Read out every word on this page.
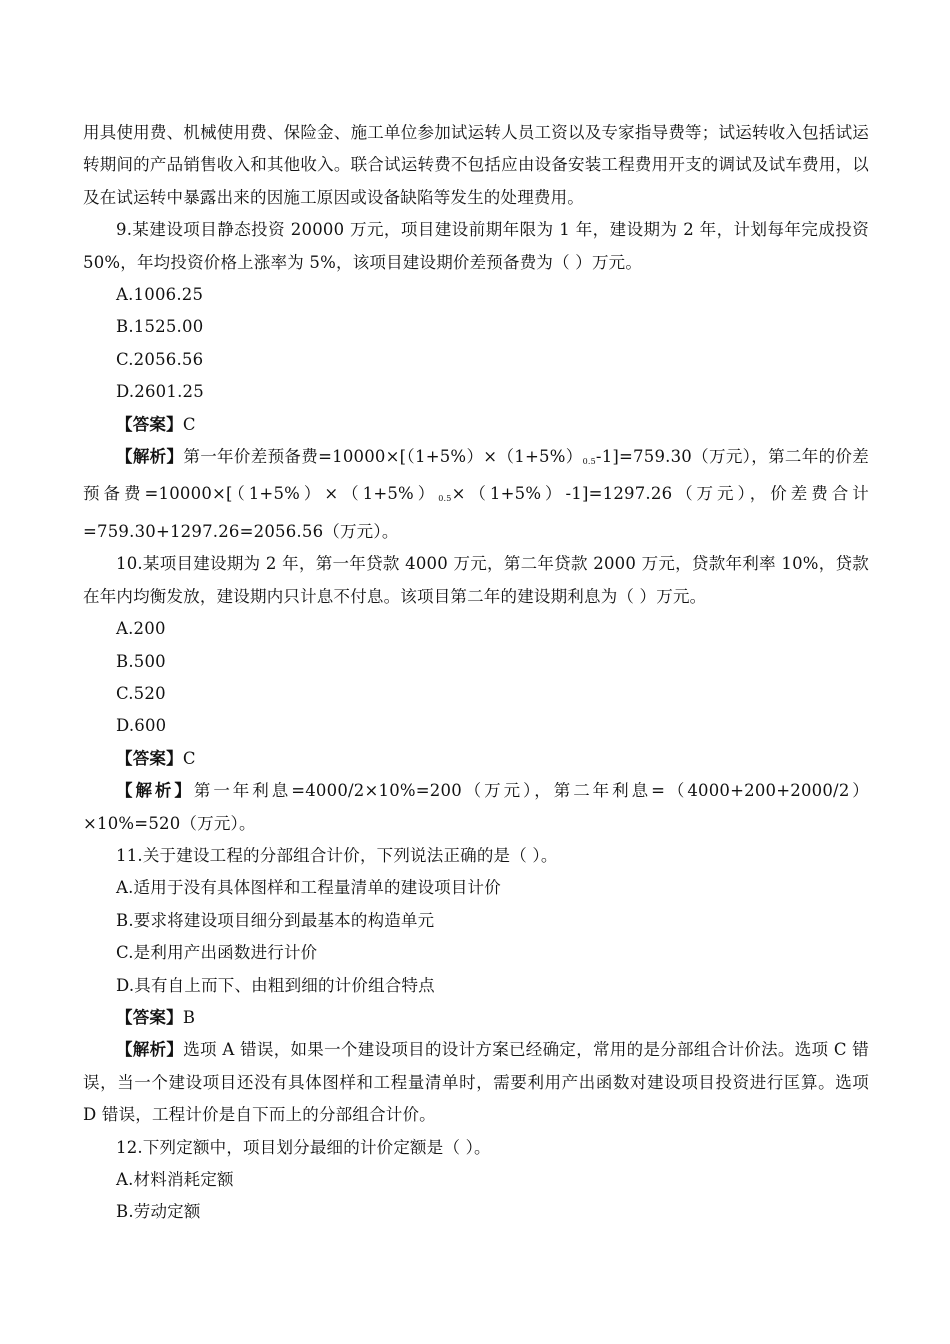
用具使用费、机械使用费、保险金、施工单位参加试运转人员工资以及专家指导费等；试运转收入包括试运转期间的产品销售收入和其他收入。联合试运转费不包括应由设备安装工程费用开支的调试及试车费用，以及在试运转中暴露出来的因施工原因或设备缺陷等发生的处理费用。

9.某建设项目静态投资 20000 万元，项目建设前期年限为 1 年，建设期为 2 年，计划每年完成投资 50%，年均投资价格上涨率为 5%，该项目建设期价差预备费为（ ）万元。

A.1006.25

B.1525.00

C.2056.56

D.2601.25

【答案】C

【解析】第一年价差预备费$=10000\times[(1+5\%)\times(1+5\%)_{0.5}-1]=759.30$（万元），第二年的价差预备费$=10000\times[(1+5\%)\times(1+5\%)_{0.5}\times(1+5\%)-1]=1297.26$（万元），价差费合计=759.30+1297.26=2056.56（万元）。

10.某项目建设期为 2 年，第一年贷款 4000 万元，第二年贷款 2000 万元，贷款年利率 10%，贷款在年内均衡发放，建设期内只计息不付息。该项目第二年的建设期利息为（ ）万元。

A.200

B.500

C.520

D.600

【答案】C

【解析】第一年利息=4000/2×10%=200（万元），第二年利息=（4000+200+2000/2）×10%=520（万元）。

11.关于建设工程的分部组合计价，下列说法正确的是（ ）。

A.适用于没有具体图样和工程量清单的建设项目计价

B.要求将建设项目细分到最基本的构造单元

C.是利用产出函数进行计价

D.具有自上而下、由粗到细的计价组合特点

【答案】B

【解析】选项 A 错误，如果一个建设项目的设计方案已经确定，常用的是分部组合计价法。选项 C 错误，当一个建设项目还没有具体图样和工程量清单时，需要利用产出函数对建设项目投资进行匡算。选项 D 错误，工程计价是自下而上的分部组合计价。

12.下列定额中，项目划分最细的计价定额是（ ）。

A.材料消耗定额

B.劳动定额
